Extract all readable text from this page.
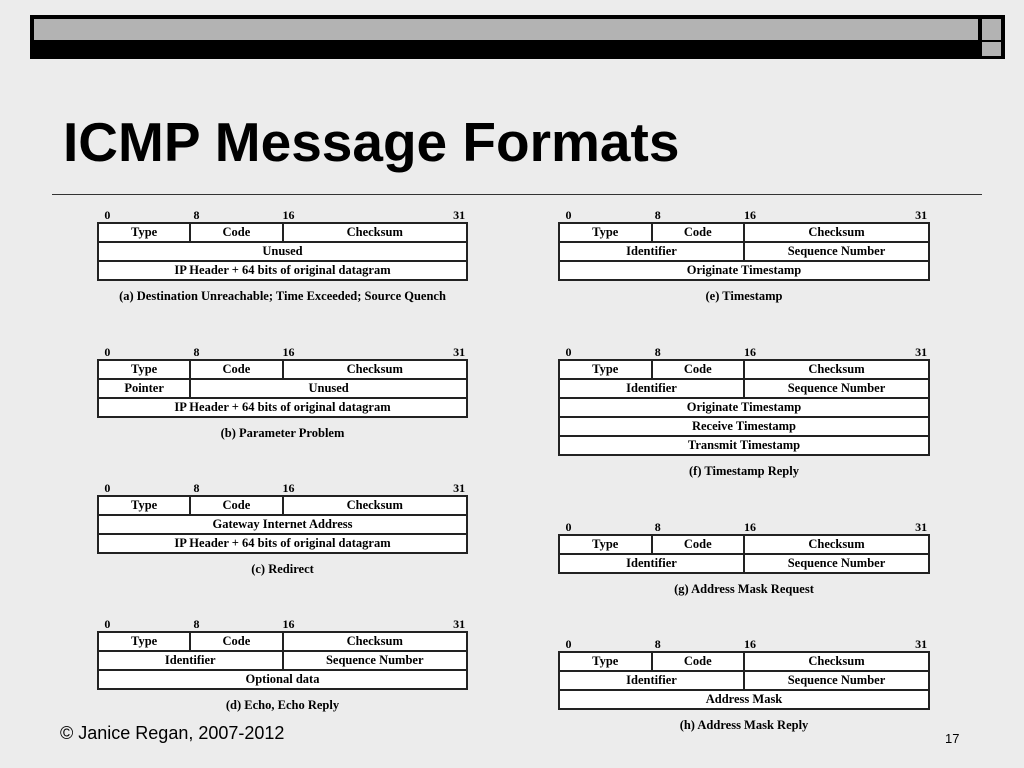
ICMP Message Formats
0	8	16	31
Type	Code	Checksum
Unused
IP Header + 64 bits of original datagram
(a) Destination Unreachable; Time Exceeded; Source Quench
0	8	16	31
Type	Code	Checksum
Pointer	Unused	
IP Header + 64 bits of original datagram		
(b) Parameter Problem
0	8	16	31
Type	Code	Checksum
Gateway Internet Address
IP Header + 64 bits of original datagram
(c) Redirect
0	8	16	31
Type	Code	Checksum
Identifier		Sequence Number
Optional data		
(d) Echo, Echo Reply
0	8	16	31
Type	Code	Checksum
Identifier		Sequence Number
Originate Timestamp		
(e) Timestamp
0	8	16	31
Type	Code	Checksum
Identifier		Sequence Number
Originate Timestamp		
Receive Timestamp		
Transmit Timestamp		
(f) Timestamp Reply
0	8	16	31
Type	Code	Checksum
Identifier		Sequence Number
(g) Address Mask Request
0	8	16	31
Type	Code	Checksum
Identifier		Sequence Number
Address Mask		
(h) Address Mask Reply
© Janice Regan, 2007-2012	17
